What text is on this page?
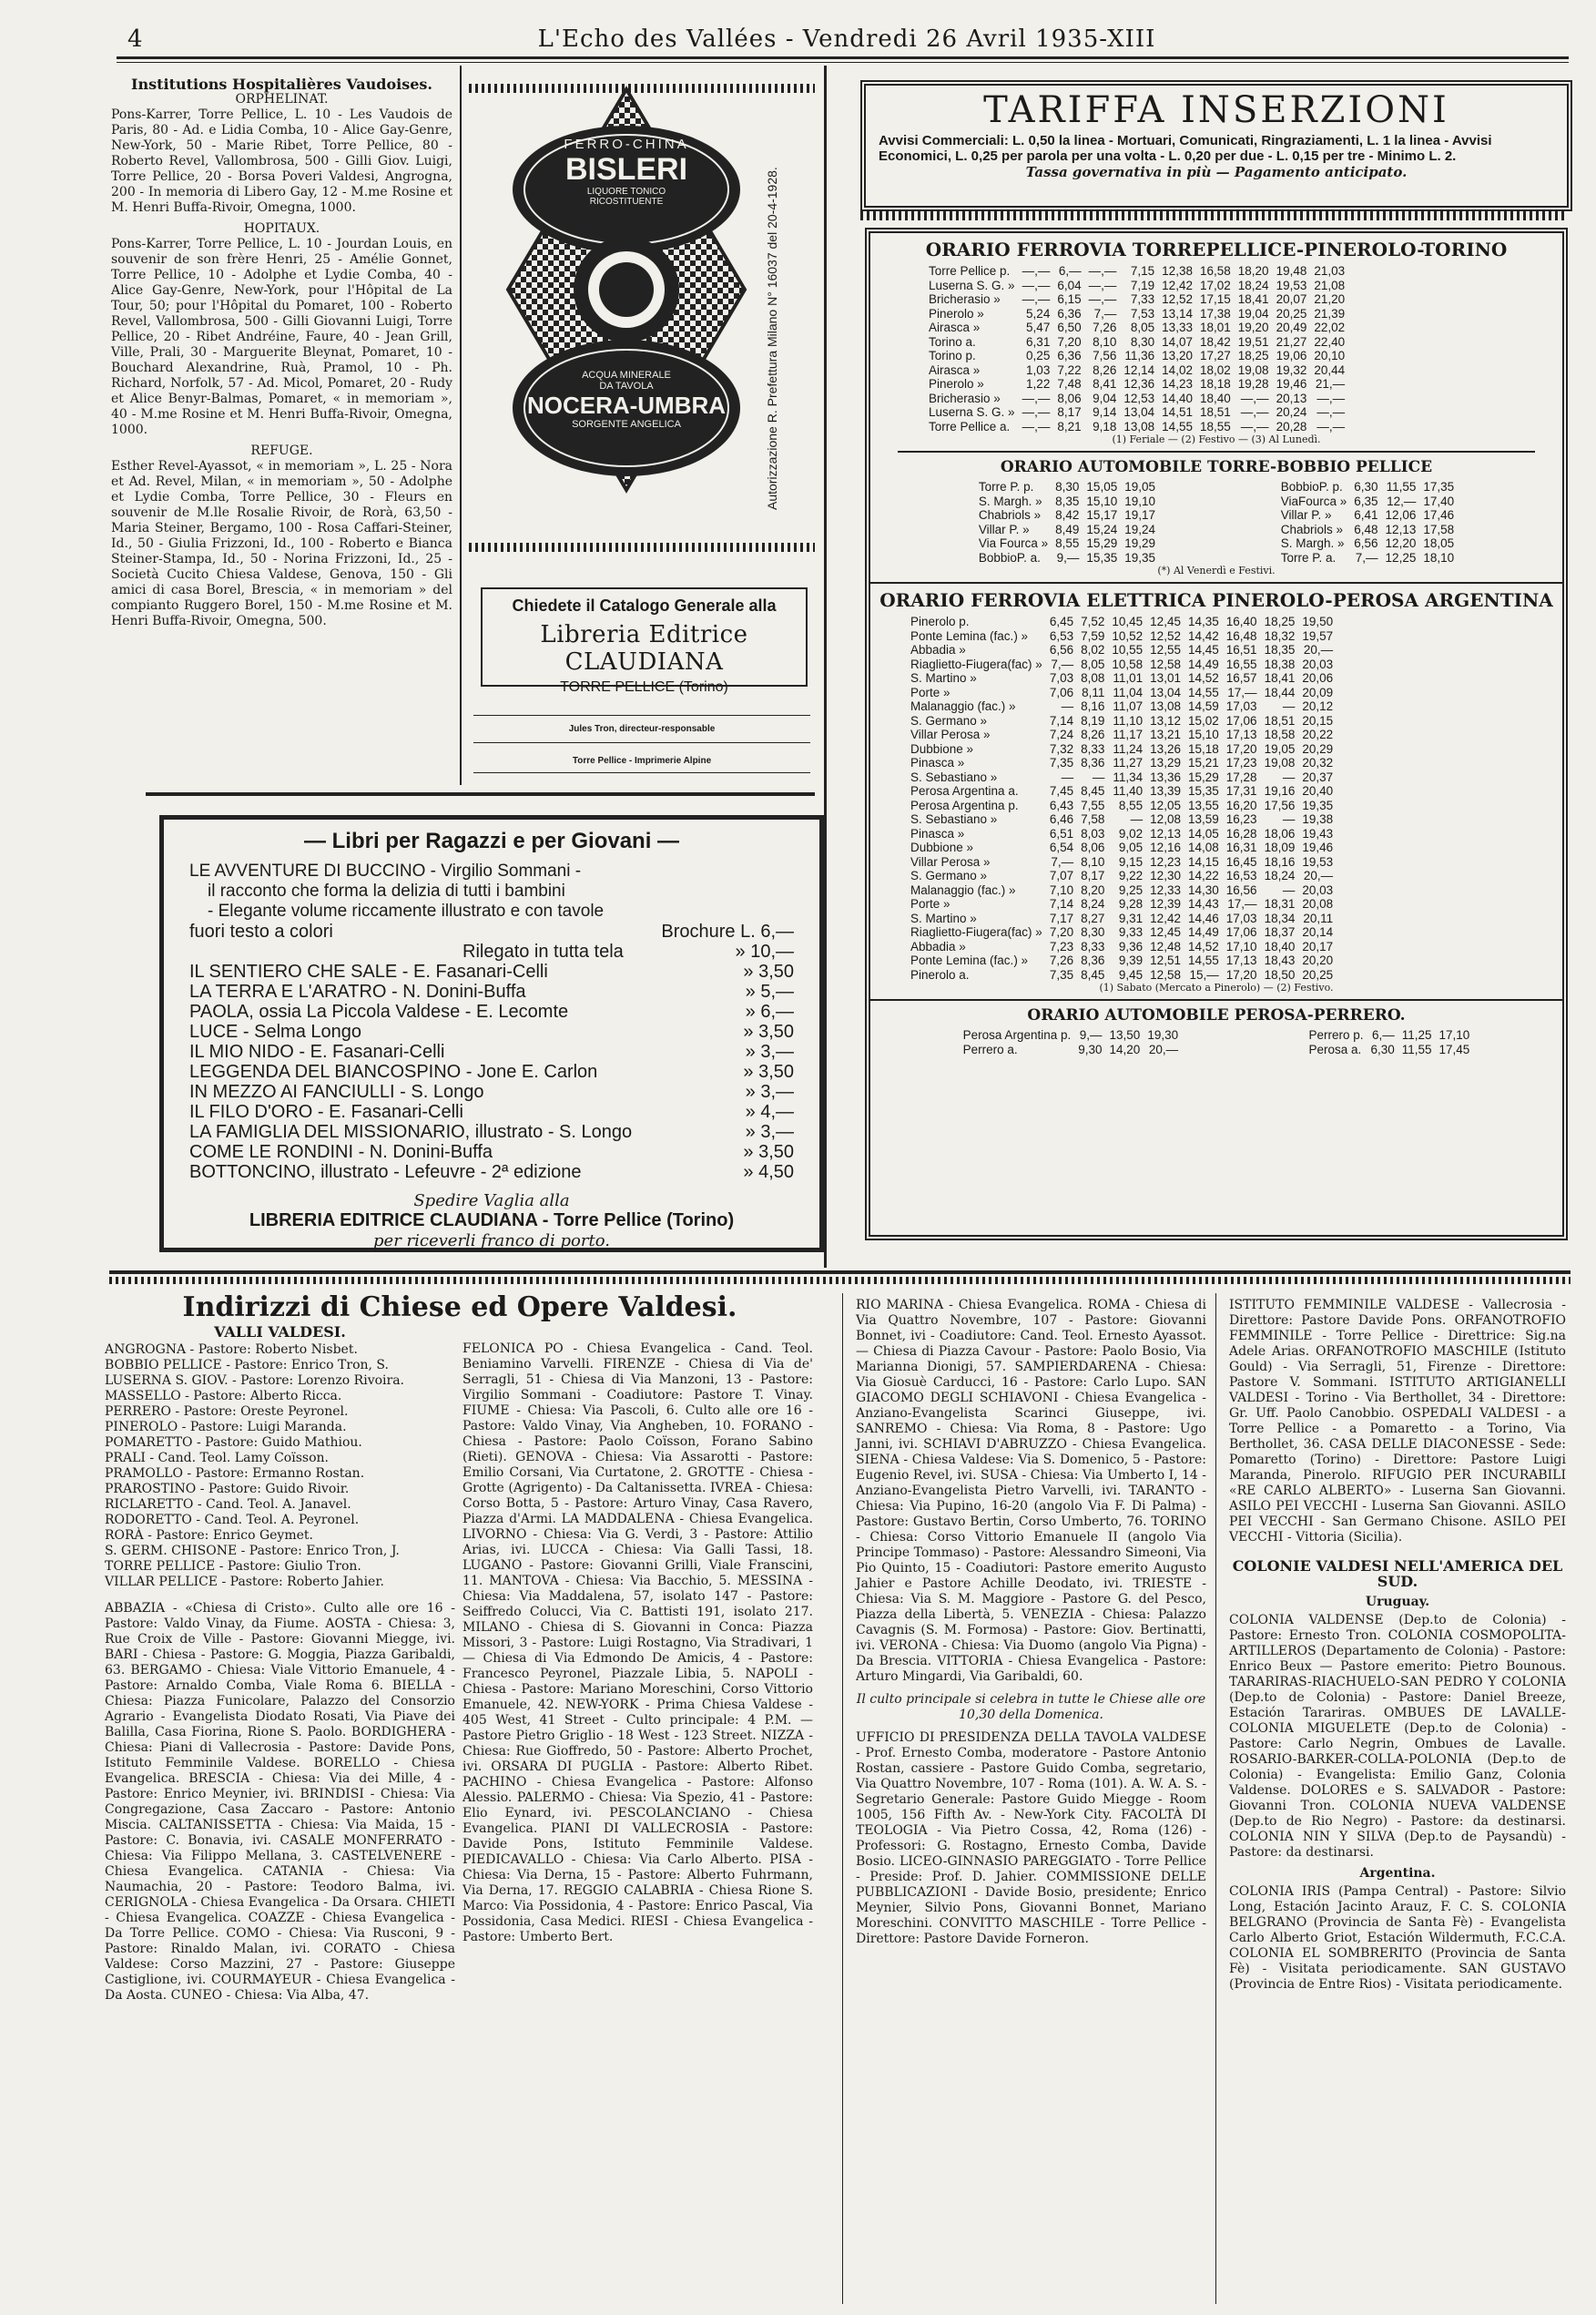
4	L'Echo des Vallées - Vendredi 26 Avril 1935-XIII
Institutions Hospitalières Vaudoises.
ORPHELINAT.

Pons-Karrer, Torre Pellice, L. 10 - Les Vaudois de Paris, 80 - Ad. e Lidia Comba, 10 - Alice Gay-Genre, New-York, 50 - Marie Ribet, Torre Pellice, 80 - Roberto Revel, Vallombrosa, 500 - Gilli Giov. Luigi, Torre Pellice, 20 - Borsa Poveri Valdesi, Angrogna, 200 - In memoria di Libero Gay, 12 - M.me Rosine et M. Henri Buffa-Rivoir, Omegna, 1000.

HOPITAUX.

Pons-Karrer, Torre Pellice, L. 10 - Jourdan Louis, en souvenir de son frère Henri, 25 - Amélie Gonnet, Torre Pellice, 10 - Adolphe et Lydie Comba, 40 - Alice Gay-Genre, New-York, pour l'Hôpital de La Tour, 50; pour l'Hôpital du Pomaret, 100 - Roberto Revel, Vallombrosa, 500 - Gilli Giovanni Luigi, Torre Pellice, 20 - Ribet Andréine, Faure, 40 - Jean Grill, Ville, Prali, 30 - Marguerite Bleynat, Pomaret, 10 - Bouchard Alexandrine, Ruà, Pramol, 10 - Ph. Richard, Norfolk, 57 - Ad. Micol, Pomaret, 20 - Rudy et Alice Benyr-Balmas, Pomaret, « in memoriam », 40 - M.me Rosine et M. Henri Buffa-Rivoir, Omegna, 1000.

REFUGE.

Esther Revel-Ayassot, « in memoriam », L. 25 - Nora et Ad. Revel, Milan, « in memoriam », 50 - Adolphe et Lydie Comba, Torre Pellice, 30 - Fleurs en souvenir de M.lle Rosalie Rivoir, de Rorà, 63,50 - Maria Steiner, Bergamo, 100 - Rosa Caffari-Steiner, Id., 50 - Giulia Frizzoni, Id., 100 - Roberto e Bianca Steiner-Stampa, Id., 50 - Norina Frizzoni, Id., 25 - Società Cucito Chiesa Valdese, Genova, 150 - Gli amici di casa Borel, Brescia, « in memoriam » del compianto Ruggero Borel, 150 - M.me Rosine et M. Henri Buffa-Rivoir, Omegna, 500.

FERRO-CHINA
BISLERI
LIQUORE TONICO
RICOSTITUENTE
ACQUA MINERALE
DA TAVOLA
NOCERA-UMBRA
SORGENTE ANGELICA	Autorizzazione R. Prefettura Milano N° 16037 del 20-4-1928.
Chiedete il Catalogo Generale alla
Libreria Editrice CLAUDIANA
TORRE PELLICE (Torino)
Jules Tron, directeur-responsable
Torre Pellice - Imprimerie Alpine
— Libri per Ragazzi e per Giovani —
LE AVVENTURE DI BUCCINO - Virgilio Sommani -
il racconto che forma la delizia di tutti i bambini
- Elegante volume riccamente illustrato e con tavole
fuori testo a colori	Brochure L. 6,—
Rilegato in tutta tela	» 10,—
IL SENTIERO CHE SALE - E. Fasanari-Celli	» 3,50
LA TERRA E L'ARATRO - N. Donini-Buffa	» 5,—
PAOLA, ossia La Piccola Valdese - E. Lecomte	» 6,—
LUCE - Selma Longo	» 3,50
IL MIO NIDO - E. Fasanari-Celli	» 3,—
LEGGENDA DEL BIANCOSPINO - Jone E. Carlon	» 3,50
IN MEZZO AI FANCIULLI - S. Longo	» 3,—
IL FILO D'ORO - E. Fasanari-Celli	» 4,—
LA FAMIGLIA DEL MISSIONARIO, illustrato - S. Longo	» 3,—
COME LE RONDINI - N. Donini-Buffa	» 3,50
BOTTONCINO, illustrato - Lefeuvre - 2ª edizione	» 4,50
Spedire Vaglia alla
LIBRERIA EDITRICE CLAUDIANA - Torre Pellice (Torino)
per riceverli franco di porto.
TARIFFA INSERZIONI
Avvisi Commerciali: L. 0,50 la linea - Mortuari, Comunicati, Ringraziamenti, L. 1 la linea - Avvisi Economici, L. 0,25 per parola per una volta - L. 0,20 per due - L. 0,15 per tre - Minimo L. 2.
Tassa governativa in più — Pagamento anticipato.
ORARIO FERROVIA TORREPELLICE-PINEROLO-TORINO
Torre Pellice p.	—,—	6,—	—,—	7,15	12,38	16,58	18,20	19,48	21,03
Luserna S. G. »	—,—	6,04	—,—	7,19	12,42	17,02	18,24	19,53	21,08
Bricherasio »	—,—	6,15	—,—	7,33	12,52	17,15	18,41	20,07	21,20
Pinerolo »	5,24	6,36	7,—	7,53	13,14	17,38	19,04	20,25	21,39
Airasca »	5,47	6,50	7,26	8,05	13,33	18,01	19,20	20,49	22,02
Torino a.	6,31	7,20	8,10	8,30	14,07	18,42	19,51	21,27	22,40
Torino p.	0,25	6,36	7,56	11,36	13,20	17,27	18,25	19,06	20,10
Airasca »	1,03	7,22	8,26	12,14	14,02	18,02	19,08	19,32	20,44
Pinerolo »	1,22	7,48	8,41	12,36	14,23	18,18	19,28	19,46	21,—
Bricherasio »	—,—	8,06	9,04	12,53	14,40	18,40	—,—	20,13	—,—
Luserna S. G. »	—,—	8,17	9,14	13,04	14,51	18,51	—,—	20,24	—,—
Torre Pellice a.	—,—	8,21	9,18	13,08	14,55	18,55	—,—	20,28	—,—
(1) Feriale — (2) Festivo — (3) Al Lunedì.
ORARIO AUTOMOBILE TORRE-BOBBIO PELLICE
Torre P. p.	8,30	15,05	19,05
S. Margh. »	8,35	15,10	19,10
Chabriols »	8,42	15,17	19,17
Villar P. »	8,49	15,24	19,24
Via Fourca »	8,55	15,29	19,29
BobbioP. a.	9,—	15,35	19,35
BobbioP. p.	6,30	11,55	17,35
ViaFourca »	6,35	12,—	17,40
Villar P. »	6,41	12,06	17,46
Chabriols »	6,48	12,13	17,58
S. Margh. »	6,56	12,20	18,05
Torre P. a.	7,—	12,25	18,10
(*) Al Venerdì e Festivi.
ORARIO FERROVIA ELETTRICA PINEROLO-PEROSA ARGENTINA
Pinerolo p.	6,45	7,52	10,45	12,45	14,35	16,40	18,25	19,50
Ponte Lemina (fac.) »	6,53	7,59	10,52	12,52	14,42	16,48	18,32	19,57
Abbadia »	6,56	8,02	10,55	12,55	14,45	16,51	18,35	20,—
Riaglietto-Fiugera(fac) »	7,—	8,05	10,58	12,58	14,49	16,55	18,38	20,03
S. Martino »	7,03	8,08	11,01	13,01	14,52	16,57	18,41	20,06
Porte »	7,06	8,11	11,04	13,04	14,55	17,—	18,44	20,09
Malanaggio (fac.) »	—	8,16	11,07	13,08	14,59	17,03	—	20,12
S. Germano »	7,14	8,19	11,10	13,12	15,02	17,06	18,51	20,15
Villar Perosa »	7,24	8,26	11,17	13,21	15,10	17,13	18,58	20,22
Dubbione »	7,32	8,33	11,24	13,26	15,18	17,20	19,05	20,29
Pinasca »	7,35	8,36	11,27	13,29	15,21	17,23	19,08	20,32
S. Sebastiano »	—	—	11,34	13,36	15,29	17,28	—	20,37
Perosa Argentina a.	7,45	8,45	11,40	13,39	15,35	17,31	19,16	20,40
Perosa Argentina p.	6,43	7,55	8,55	12,05	13,55	16,20	17,56	19,35
S. Sebastiano »	6,46	7,58	—	12,08	13,59	16,23	—	19,38
Pinasca »	6,51	8,03	9,02	12,13	14,05	16,28	18,06	19,43
Dubbione »	6,54	8,06	9,05	12,16	14,08	16,31	18,09	19,46
Villar Perosa »	7,—	8,10	9,15	12,23	14,15	16,45	18,16	19,53
S. Germano »	7,07	8,17	9,22	12,30	14,22	16,53	18,24	20,—
Malanaggio (fac.) »	7,10	8,20	9,25	12,33	14,30	16,56	—	20,03
Porte »	7,14	8,24	9,28	12,39	14,43	17,—	18,31	20,08
S. Martino »	7,17	8,27	9,31	12,42	14,46	17,03	18,34	20,11
Riaglietto-Fiugera(fac) »	7,20	8,30	9,33	12,45	14,49	17,06	18,37	20,14
Abbadia »	7,23	8,33	9,36	12,48	14,52	17,10	18,40	20,17
Ponte Lemina (fac.) »	7,26	8,36	9,39	12,51	14,55	17,13	18,43	20,20
Pinerolo a.	7,35	8,45	9,45	12,58	15,—	17,20	18,50	20,25
(1) Sabato (Mercato a Pinerolo) — (2) Festivo.
ORARIO AUTOMOBILE PEROSA-PERRERO.
Perosa Argentina p.	9,—	13,50	19,30
Perrero a.	9,30	14,20	20,—
Perrero p.	6,—	11,25	17,10
Perosa a.	6,30	11,55	17,45
Indirizzi di Chiese ed Opere Valdesi.
VALLI VALDESI.
ANGROGNA - Pastore: Roberto Nisbet.
BOBBIO PELLICE - Pastore: Enrico Tron, S.
LUSERNA S. GIOV. - Pastore: Lorenzo Rivoira.
MASSELLO - Pastore: Alberto Ricca.
PERRERO - Pastore: Oreste Peyronel.
PINEROLO - Pastore: Luigi Maranda.
POMARETTO - Pastore: Guido Mathiou.
PRALI - Cand. Teol. Lamy Coïsson.
PRAMOLLO - Pastore: Ermanno Rostan.
PRAROSTINO - Pastore: Guido Rivoir.
RICLARETTO - Cand. Teol. A. Janavel.
RODORETTO - Cand. Teol. A. Peyronel.
RORÀ - Pastore: Enrico Geymet.
S. GERM. CHISONE - Pastore: Enrico Tron, J.
TORRE PELLICE - Pastore: Giulio Tron.
VILLAR PELLICE - Pastore: Roberto Jahier.

ABBAZIA - «Chiesa di Cristo». Culto alle ore 16 - Pastore: Valdo Vinay, da Fiume. AOSTA - Chiesa: 3, Rue Croix de Ville - Pastore: Giovanni Miegge, ivi. BARI - Chiesa - Pastore: G. Moggia, Piazza Garibaldi, 63. BERGAMO - Chiesa: Viale Vittorio Emanuele, 4 - Pastore: Arnaldo Comba, Viale Roma 6. BIELLA - Chiesa: Piazza Funicolare, Palazzo del Consorzio Agrario - Evangelista Diodato Rosati, Via Piave dei Balilla, Casa Fiorina, Rione S. Paolo. BORDIGHERA - Chiesa: Piani di Vallecrosia - Pastore: Davide Pons, Istituto Femminile Valdese. BORELLO - Chiesa Evangelica. BRESCIA - Chiesa: Via dei Mille, 4 - Pastore: Enrico Meynier, ivi. BRINDISI - Chiesa: Via Congregazione, Casa Zaccaro - Pastore: Antonio Miscia. CALTANISSETTA - Chiesa: Via Maida, 15 - Pastore: C. Bonavia, ivi. CASALE MONFERRATO - Chiesa: Via Filippo Mellana, 3. CASTELVENERE - Chiesa Evangelica. CATANIA - Chiesa: Via Naumachia, 20 - Pastore: Teodoro Balma, ivi. CERIGNOLA - Chiesa Evangelica - Da Orsara. CHIETI - Chiesa Evangelica. COAZZE - Chiesa Evangelica - Da Torre Pellice. COMO - Chiesa: Via Rusconi, 9 - Pastore: Rinaldo Malan, ivi. CORATO - Chiesa Valdese: Corso Mazzini, 27 - Pastore: Giuseppe Castiglione, ivi. COURMAYEUR - Chiesa Evangelica - Da Aosta. CUNEO - Chiesa: Via Alba, 47.

FELONICA PO - Chiesa Evangelica - Cand. Teol. Beniamino Varvelli. FIRENZE - Chiesa di Via de' Serragli, 51 - Chiesa di Via Manzoni, 13 - Pastore: Virgilio Sommani - Coadiutore: Pastore T. Vinay. FIUME - Chiesa: Via Pascoli, 6. Culto alle ore 16 - Pastore: Valdo Vinay, Via Angheben, 10. FORANO - Chiesa - Pastore: Paolo Coïsson, Forano Sabino (Rieti). GENOVA - Chiesa: Via Assarotti - Pastore: Emilio Corsani, Via Curtatone, 2. GROTTE - Chiesa - Grotte (Agrigento) - Da Caltanissetta. IVREA - Chiesa: Corso Botta, 5 - Pastore: Arturo Vinay, Casa Ravero, Piazza d'Armi. LA MADDALENA - Chiesa Evangelica. LIVORNO - Chiesa: Via G. Verdi, 3 - Pastore: Attilio Arias, ivi. LUCCA - Chiesa: Via Galli Tassi, 18. LUGANO - Pastore: Giovanni Grilli, Viale Franscini, 11. MANTOVA - Chiesa: Via Bacchio, 5. MESSINA - Chiesa: Via Maddalena, 57, isolato 147 - Pastore: Seiffredo Colucci, Via C. Battisti 191, isolato 217. MILANO - Chiesa di S. Giovanni in Conca: Piazza Missori, 3 - Pastore: Luigi Rostagno, Via Stradivari, 1 — Chiesa di Via Edmondo De Amicis, 4 - Pastore: Francesco Peyronel, Piazzale Libia, 5. NAPOLI - Chiesa - Pastore: Mariano Moreschini, Corso Vittorio Emanuele, 42. NEW-YORK - Prima Chiesa Valdese - 405 West, 41 Street - Culto principale: 4 P.M. — Pastore Pietro Griglio - 18 West - 123 Street. NIZZA - Chiesa: Rue Gioffredo, 50 - Pastore: Alberto Prochet, ivi. ORSARA DI PUGLIA - Pastore: Alberto Ribet. PACHINO - Chiesa Evangelica - Pastore: Alfonso Alessio. PALERMO - Chiesa: Via Spezio, 41 - Pastore: Elio Eynard, ivi. PESCOLANCIANO - Chiesa Evangelica. PIANI DI VALLECROSIA - Pastore: Davide Pons, Istituto Femminile Valdese. PIEDICAVALLO - Chiesa: Via Carlo Alberto. PISA - Chiesa: Via Derna, 15 - Pastore: Alberto Fuhrmann, Via Derna, 17. REGGIO CALABRIA - Chiesa Rione S. Marco: Via Possidonia, 4 - Pastore: Enrico Pascal, Via Possidonia, Casa Medici. RIESI - Chiesa Evangelica - Pastore: Umberto Bert.

RIO MARINA - Chiesa Evangelica. ROMA - Chiesa di Via Quattro Novembre, 107 - Pastore: Giovanni Bonnet, ivi - Coadiutore: Cand. Teol. Ernesto Ayassot. — Chiesa di Piazza Cavour - Pastore: Paolo Bosio, Via Marianna Dionigi, 57. SAMPIERDARENA - Chiesa: Via Giosuè Carducci, 16 - Pastore: Carlo Lupo. SAN GIACOMO DEGLI SCHIAVONI - Chiesa Evangelica - Anziano-Evangelista Scarinci Giuseppe, ivi. SANREMO - Chiesa: Via Roma, 8 - Pastore: Ugo Janni, ivi. SCHIAVI D'ABRUZZO - Chiesa Evangelica. SIENA - Chiesa Valdese: Via S. Domenico, 5 - Pastore: Eugenio Revel, ivi. SUSA - Chiesa: Via Umberto I, 14 - Anziano-Evangelista Pietro Varvelli, ivi. TARANTO - Chiesa: Via Pupino, 16-20 (angolo Via F. Di Palma) - Pastore: Gustavo Bertin, Corso Umberto, 76. TORINO - Chiesa: Corso Vittorio Emanuele II (angolo Via Principe Tommaso) - Pastore: Alessandro Simeoni, Via Pio Quinto, 15 - Coadiutori: Pastore emerito Augusto Jahier e Pastore Achille Deodato, ivi. TRIESTE - Chiesa: Via S. M. Maggiore - Pastore G. del Pesco, Piazza della Libertà, 5. VENEZIA - Chiesa: Palazzo Cavagnis (S. M. Formosa) - Pastore: Giov. Bertinatti, ivi. VERONA - Chiesa: Via Duomo (angolo Via Pigna) - Da Brescia. VITTORIA - Chiesa Evangelica - Pastore: Arturo Mingardi, Via Garibaldi, 60.

Il culto principale si celebra in tutte le Chiese alle ore 10,30 della Domenica.

UFFICIO DI PRESIDENZA DELLA TAVOLA VALDESE - Prof. Ernesto Comba, moderatore - Pastore Antonio Rostan, cassiere - Pastore Guido Comba, segretario, Via Quattro Novembre, 107 - Roma (101). A. W. A. S. - Segretario Generale: Pastore Guido Miegge - Room 1005, 156 Fifth Av. - New-York City. FACOLTÀ DI TEOLOGIA - Via Pietro Cossa, 42, Roma (126) - Professori: G. Rostagno, Ernesto Comba, Davide Bosio. LICEO-GINNASIO PAREGGIATO - Torre Pellice - Preside: Prof. D. Jahier. COMMISSIONE DELLE PUBBLICAZIONI - Davide Bosio, presidente; Enrico Meynier, Silvio Pons, Giovanni Bonnet, Mariano Moreschini. CONVITTO MASCHILE - Torre Pellice - Direttore: Pastore Davide Forneron.

ISTITUTO FEMMINILE VALDESE - Vallecrosia - Direttore: Pastore Davide Pons. ORFANOTROFIO FEMMINILE - Torre Pellice - Direttrice: Sig.na Adele Arias. ORFANOTROFIO MASCHILE (Istituto Gould) - Via Serragli, 51, Firenze - Direttore: Pastore V. Sommani. ISTITUTO ARTIGIANELLI VALDESI - Torino - Via Berthollet, 34 - Direttore: Gr. Uff. Paolo Canobbio. OSPEDALI VALDESI - a Torre Pellice - a Pomaretto - a Torino, Via Berthollet, 36. CASA DELLE DIACONESSE - Sede: Pomaretto (Torino) - Direttore: Pastore Luigi Maranda, Pinerolo. RIFUGIO PER INCURABILI «RE CARLO ALBERTO» - Luserna San Giovanni. ASILO PEI VECCHI - Luserna San Giovanni. ASILO PEI VECCHI - San Germano Chisone. ASILO PEI VECCHI - Vittoria (Sicilia).

COLONIE VALDESI NELL'AMERICA DEL SUD.
Uruguay.

COLONIA VALDENSE (Dep.to de Colonia) - Pastore: Ernesto Tron. COLONIA COSMOPOLITA-ARTILLEROS (Departamento de Colonia) - Pastore: Enrico Beux — Pastore emerito: Pietro Bounous. TARARIRAS-RIACHUELO-SAN PEDRO Y COLONIA (Dep.to de Colonia) - Pastore: Daniel Breeze, Estación Tarariras. OMBUES DE LAVALLE-COLONIA MIGUELETE (Dep.to de Colonia) - Pastore: Carlo Negrin, Ombues de Lavalle. ROSARIO-BARKER-COLLA-POLONIA (Dep.to de Colonia) - Evangelista: Emilio Ganz, Colonia Valdense. DOLORES e S. SALVADOR - Pastore: Giovanni Tron. COLONIA NUEVA VALDENSE (Dep.to de Rio Negro) - Pastore: da destinarsi. COLONIA NIN Y SILVA (Dep.to de Paysandù) - Pastore: da destinarsi.

Argentina.

COLONIA IRIS (Pampa Central) - Pastore: Silvio Long, Estación Jacinto Arauz, F. C. S. COLONIA BELGRANO (Provincia de Santa Fè) - Evangelista Carlo Alberto Griot, Estación Wildermuth, F.C.C.A. COLONIA EL SOMBRERITO (Provincia de Santa Fè) - Visitata periodicamente. SAN GUSTAVO (Provincia de Entre Rios) - Visitata periodicamente.
